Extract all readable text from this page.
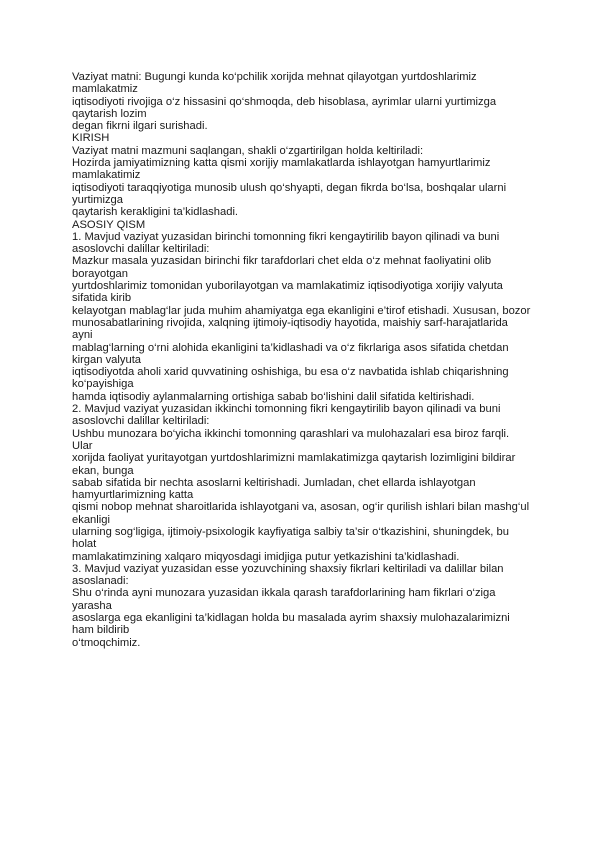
Vaziyat matni: Bugungi kunda ko‘pchilik xorijda mehnat qilayotgan yurtdoshlarimiz

mamlakatmiz

iqtisodiyoti rivojiga o‘z hissasini qo‘shmoqda, deb hisoblasa, ayrimlar ularni yurtimizga

qaytarish lozim

degan fikrni ilgari surishadi.

KIRISH

Vaziyat matni mazmuni saqlangan, shakli o‘zgartirilgan holda keltiriladi:

Hozirda jamiyatimizning katta qismi xorijiy mamlakatlarda ishlayotgan hamyurtlarimiz

mamlakatimiz

iqtisodiyoti taraqqiyotiga munosib ulush qo‘shyapti, degan fikrda bo‘lsa, boshqalar ularni

yurtimizga

qaytarish kerakligini ta’kidlashadi.

ASOSIY QISM

1. Mavjud vaziyat yuzasidan birinchi tomonning fikri kengaytirilib bayon qilinadi va buni

asoslovchi dalillar keltiriladi:

Mazkur masala yuzasidan birinchi fikr tarafdorlari chet elda o‘z mehnat faoliyatini olib

borayotgan

yurtdoshlarimiz tomonidan yuborilayotgan va mamlakatimiz iqtisodiyotiga xorijiy valyuta

sifatida kirib

kelayotgan mablag‘lar juda muhim ahamiyatga ega ekanligini e’tirof etishadi. Xususan, bozor

munosabatlarining rivojida, xalqning ijtimoiy-iqtisodiy hayotida, maishiy sarf-harajatlarida

ayni

mablag‘larning o‘rni alohida ekanligini ta’kidlashadi va o‘z fikrlariga asos sifatida chetdan

kirgan valyuta

iqtisodiyotda aholi xarid quvvatining oshishiga, bu esa o‘z navbatida ishlab chiqarishning

ko‘payishiga

hamda iqtisodiy aylanmalarning ortishiga sabab bo‘lishini dalil sifatida keltirishadi.

2. Mavjud vaziyat yuzasidan ikkinchi tomonning fikri kengaytirilib bayon qilinadi va buni

asoslovchi dalillar keltiriladi:

Ushbu munozara bo‘yicha ikkinchi tomonning qarashlari va mulohazalari esa biroz farqli.

Ular

xorijda faoliyat yuritayotgan yurtdoshlarimizni mamlakatimizga qaytarish lozimligini bildirar

ekan, bunga

sabab sifatida bir nechta asoslarni keltirishadi. Jumladan, chet ellarda ishlayotgan

hamyurtlarimizning katta

qismi nobop mehnat sharoitlarida ishlayotgani va, asosan, og‘ir qurilish ishlari bilan mashg‘ul

ekanligi

ularning sog‘ligiga, ijtimoiy-psixologik kayfiyatiga salbiy ta’sir o‘tkazishini, shuningdek, bu

holat

mamlakatimzining xalqaro miqyosdagi imidjiga putur yetkazishini ta’kidlashadi.

3. Mavjud vaziyat yuzasidan esse yozuvchining shaxsiy fikrlari keltiriladi va dalillar bilan

asoslanadi:

Shu o‘rinda ayni munozara yuzasidan ikkala qarash tarafdorlarining ham fikrlari o‘ziga

yarasha

asoslarga ega ekanligini ta’kidlagan holda bu masalada ayrim shaxsiy mulohazalarimizni

ham bildirib

o‘tmoqchimiz.
